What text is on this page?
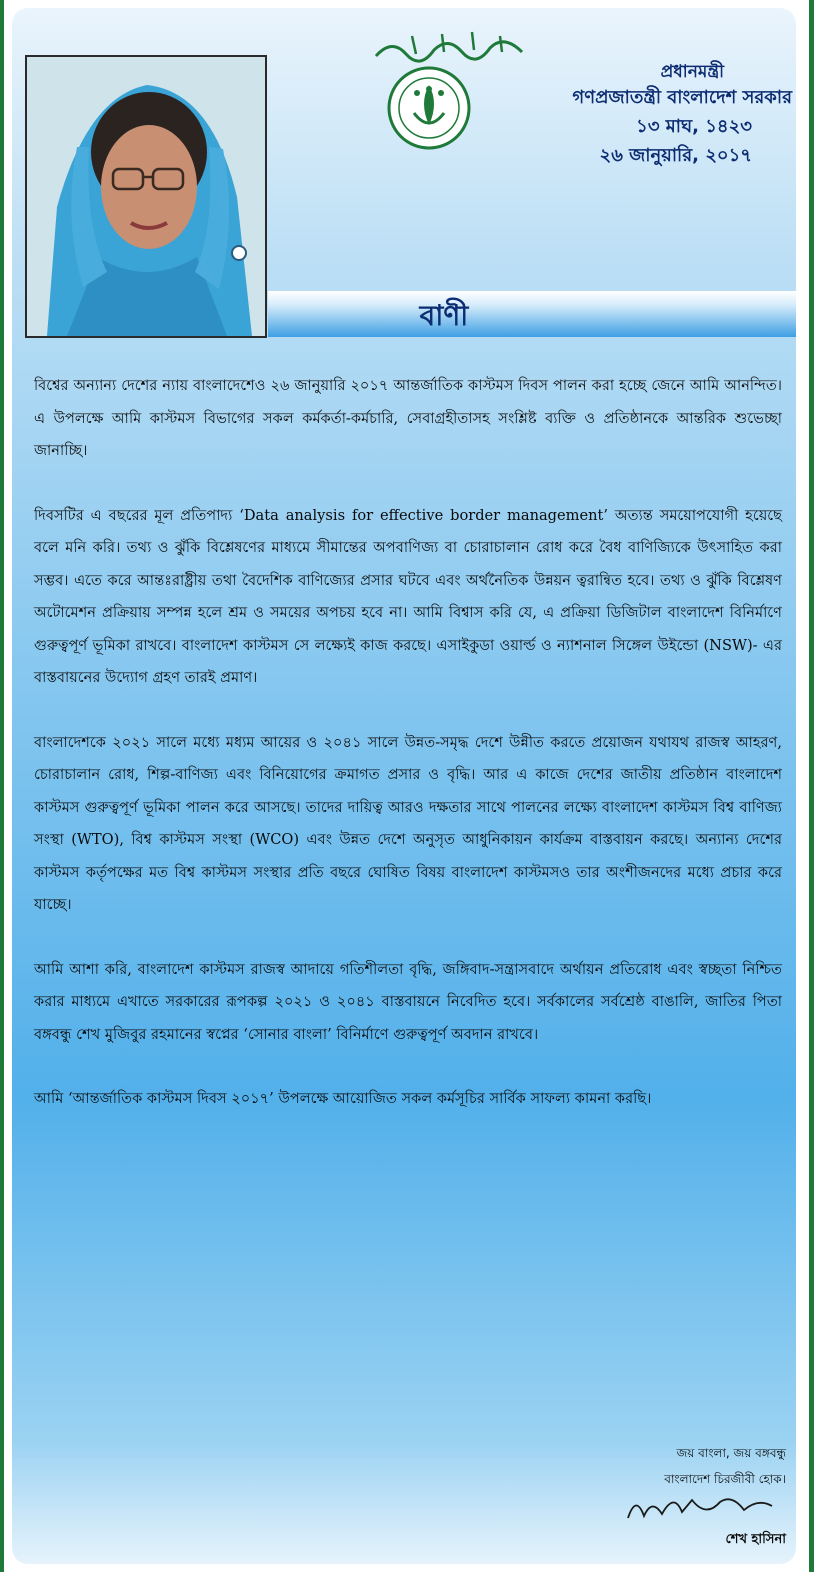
প্রধানমন্ত্রী
গণপ্রজাতন্ত্রী বাংলাদেশ সরকার
১৩ মাঘ, ১৪২৩
২৬ জানুয়ারি, ২০১৭
বাণী

বিশ্বের অন্যান্য দেশের ন্যায় বাংলাদেশেও ২৬ জানুয়ারি ২০১৭ আন্তর্জাতিক কাস্টমস দিবস পালন করা হচ্ছে জেনে আমি আনন্দিত। এ উপলক্ষে আমি কাস্টমস বিভাগের সকল কর্মকর্তা-কর্মচারি, সেবাগ্রহীতাসহ সংশ্লিষ্ট ব্যক্তি ও প্রতিষ্ঠানকে আন্তরিক শুভেচ্ছা জানাচ্ছি।

দিবসটির এ বছরের মূল প্রতিপাদ্য ‘Data analysis for effective border management’ অত্যন্ত সময়োপযোগী হয়েছে বলে মনি করি। তথ্য ও ঝুঁকি বিশ্লেষণের মাধ্যমে সীমান্তের অপবাণিজ্য বা চোরাচালান রোধ করে বৈধ বাণিজ্যিকে উৎসাহিত করা সম্ভব। এতে করে আন্তঃরাষ্ট্রীয় তথা বৈদেশিক বাণিজ্যের প্রসার ঘটবে এবং অর্থনৈতিক উন্নয়ন ত্বরান্বিত হবে। তথ্য ও ঝুঁকি বিশ্লেষণ অটোমেশন প্রক্রিয়ায় সম্পন্ন হলে শ্রম ও সময়ের অপচয় হবে না। আমি বিশ্বাস করি যে, এ প্রক্রিয়া ডিজিটাল বাংলাদেশ বিনির্মাণে গুরুত্বপূর্ণ ভূমিকা রাখবে। বাংলাদেশ কাস্টমস সে লক্ষ্যেই কাজ করছে। এসাইকুডা ওয়ার্ল্ড ও ন্যাশনাল সিঙ্গেল উইন্ডো (NSW)- এর বাস্তবায়নের উদ্যোগ গ্রহণ তারই প্রমাণ।

বাংলাদেশকে ২০২১ সালে মধ্যে মধ্যম আয়ের ও ২০৪১ সালে উন্নত-সমৃদ্ধ দেশে উন্নীত করতে প্রয়োজন যথাযথ রাজস্ব আহরণ, চোরাচালান রোধ, শিল্প-বাণিজ্য এবং বিনিয়োগের ক্রমাগত প্রসার ও বৃদ্ধি। আর এ কাজে দেশের জাতীয় প্রতিষ্ঠান বাংলাদেশ কাস্টমস গুরুত্বপূর্ণ ভূমিকা পালন করে আসছে। তাদের দায়িত্ব আরও দক্ষতার সাথে পালনের লক্ষ্যে বাংলাদেশ কাস্টমস বিশ্ব বাণিজ্য সংস্থা (WTO), বিশ্ব কাস্টমস সংস্থা (WCO) এবং উন্নত দেশে অনুসৃত আধুনিকায়ন কার্যক্রম বাস্তবায়ন করছে। অন্যান্য দেশের কাস্টমস কর্তৃপক্ষের মত বিশ্ব কাস্টমস সংস্থার প্রতি বছরে ঘোষিত বিষয় বাংলাদেশ কাস্টমসও তার অংশীজনদের মধ্যে প্রচার করে যাচ্ছে।

আমি আশা করি, বাংলাদেশ কাস্টমস রাজস্ব আদায়ে গতিশীলতা বৃদ্ধি, জঙ্গিবাদ-সন্ত্রাসবাদে অর্থায়ন প্রতিরোধ এবং স্বচ্ছতা নিশ্চিত করার মাধ্যমে এখাতে সরকারের রূপকল্প ২০২১ ও ২০৪১ বাস্তবায়নে নিবেদিত হবে। সর্বকালের সর্বশ্রেষ্ঠ বাঙালি, জাতির পিতা বঙ্গবন্ধু শেখ মুজিবুর রহমানের স্বপ্নের ‘সোনার বাংলা’ বিনির্মাণে গুরুত্বপূর্ণ অবদান রাখবে।

আমি ‘আন্তর্জাতিক কাস্টমস দিবস ২০১৭’ উপলক্ষে আয়োজিত সকল কর্মসূচির সার্বিক সাফল্য কামনা করছি।

জয় বাংলা, জয় বঙ্গবন্ধু
বাংলাদেশ চিরজীবী হোক।
শেখ হাসিনা
